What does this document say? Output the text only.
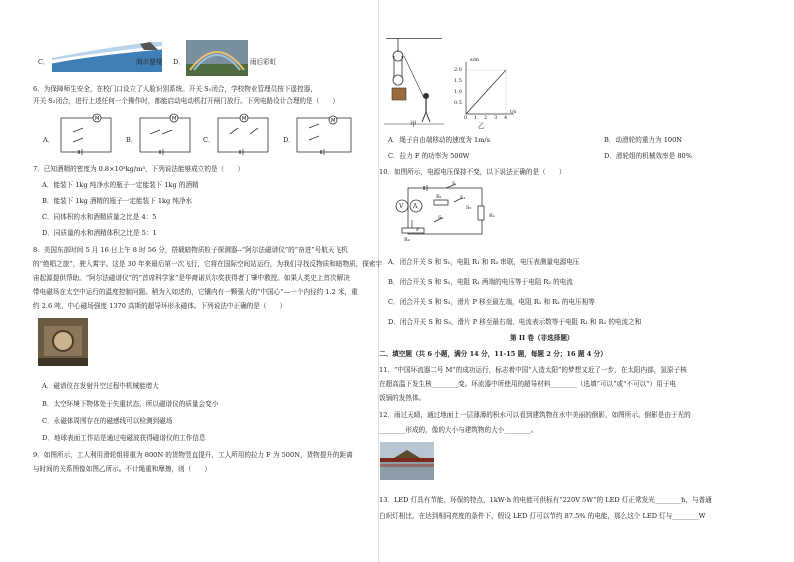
C．	海市蜃楼 D．	雨后彩虹
6．为保障师生安全，在校门口设立了人脸识别系统。开关 S₁闭合，学校物业管理员按下遥控器，
开关 S₂闭合，进行上述任何一个操作时，都能启动电动机打开闸门放行。下列电路设计合理的是（　　）
A．
M
B．
M
C．
M
D．
M
7．已知酒精的密度为 0.8×10³kg/m³，下列说法能够成立的是（　　）
A．能装下 1kg 纯净水的瓶子一定能装下 1kg 的酒精
B．能装下 1kg 酒精的瓶子一定能装下 1kg 纯净水
C．同体积的水和酒精质量之比是 4：5
D．同质量的水和酒精体积之比是 5：1
8．美国东部时间 5 月 16 日上午 8 时 56 分，搭载暗物质粒子探测器--“阿尔法磁谱仪”的“奋进”号航天飞机
的“绝唱之旅”，驶入霄宇。这是 30 年来最后第一次飞行，它将在国际空间站运行，为我们寻找反物质和暗物质，探索宇
宙起源提供帮助。“阿尔法磁谱仪”的“首席科学家”是华裔诺贝尔奖获得者丁肇中教授。如果人类史上首次解决
带电磁场在太空中运行的温度控制问题。稍为入如述的，它镶内有一颗强大的“中国心”—一个内径约 1.2 米，重
约 2.6 吨、中心磁场强度 1370 高斯的超导环形永磁体。下列说法中正确的是（　　）
A．磁谱仪在发射升空过程中机械能增大
B．太空环境下物体处于失重状态，所以磁谱仪的质量会变小
C．永磁体周围存在的磁感线可以检测到磁场
D．地球表面工作站是通过电磁波获得磁谱仪的工作信息
9．如图所示，工人利用滑轮组将重为 800N 的货物竖直提升，工人所用的拉力 F 为 500N，货物提升的距离
与时间的关系图像如图乙所示。不计绳重和摩擦，则（　　）
甲
s/m
2.0
1.5
1.0
0.5
0 1 2 3 4
t/s
乙
A．绳子自由端移动的速度为 1m/s	B．动滑轮的重力为 100N
C．拉力 F 的功率为 500W	D．滑轮组的机械效率是 80%
10．如图所示，电源电压保持不变，以下说法正确的是（　　）
A
V
R₁
R₂
R₀
S
S₁
S₂
S₃
P
A．闭合开关 S 和 S₁，电阻 R₁ 和 R₂ 串联，电压表测量电源电压
B．闭合开关 S 和 S₂，电阻 R₁ 两端的电压等于电阻 R₂ 的电流
C．闭合开关 S 和 S₃，滑片 P 移至最左端，电阻 R₁ 和 R₂ 的电压相等
D．闭合开关 S 和 S₃，滑片 P 移至最右端，电流表示数等于电阻 R₁ 和 R₂ 的电流之和
第 II 卷（非选择题）
二、填空题（共 6 小题，满分 14 分，11-15 题，每题 2 分；16 题 4 分）
11．“中国环流器二号 M”的成功运行，标志着中国“人造太阳”的梦想又近了一步，在太阳内部，氢原子核
在超高温下发生核________变。环流器中所使用的超导材料________（选填“可以”或“不可以”）用于电
饭锅的发热体。
12．雨过天晴，通过地面上一层薄薄的积水可以看到建筑物在水中美丽的倒影，如图所示。倒影是由于光的
________形成的，像的大小与建筑物的大小________。
13．LED 灯具有节能、环保的特点，1kW·h 的电能可供标有“220V 5W”的 LED 灯正常发光________h，与普通
白炽灯相比，在达到相同亮度的条件下，假设 LED 灯可以节约 87.5% 的电能，那么这个 LED 灯与________W
